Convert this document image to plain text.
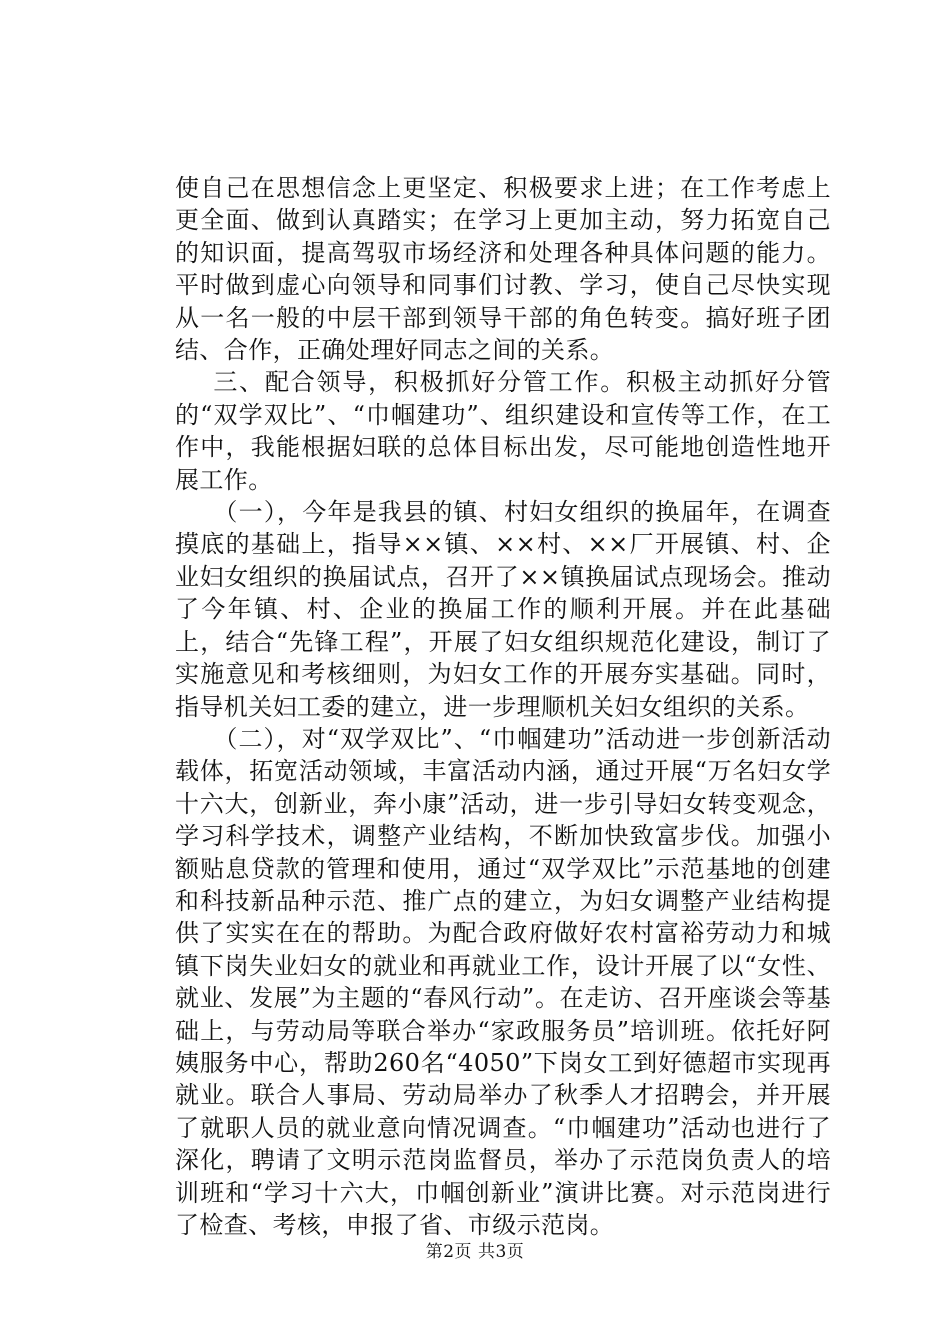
使自己在思想信念上更坚定、积极要求上进；在工作考虑上更全面、做到认真踏实；在学习上更加主动，努力拓宽自己的知识面，提高驾驭市场经济和处理各种具体问题的能力。平时做到虚心向领导和同事们讨教、学习，使自己尽快实现从一名一般的中层干部到领导干部的角色转变。搞好班子团结、合作，正确处理好同志之间的关系。

三、配合领导，积极抓好分管工作。积极主动抓好分管的“双学双比”、“巾帼建功”、组织建设和宣传等工作，在工作中，我能根据妇联的总体目标出发，尽可能地创造性地开展工作。

（一），今年是我县的镇、村妇女组织的换届年，在调查摸底的基础上，指导××镇、××村、××厂开展镇、村、企业妇女组织的换届试点，召开了××镇换届试点现场会。推动了今年镇、村、企业的换届工作的顺利开展。并在此基础上，结合“先锋工程”，开展了妇女组织规范化建设，制订了实施意见和考核细则，为妇女工作的开展夯实基础。同时，指导机关妇工委的建立，进一步理顺机关妇女组织的关系。

（二），对“双学双比”、“巾帼建功”活动进一步创新活动载体，拓宽活动领域，丰富活动内涵，通过开展“万名妇女学十六大，创新业，奔小康”活动，进一步引导妇女转变观念，学习科学技术，调整产业结构，不断加快致富步伐。加强小额贴息贷款的管理和使用，通过“双学双比”示范基地的创建和科技新品种示范、推广点的建立，为妇女调整产业结构提供了实实在在的帮助。为配合政府做好农村富裕劳动力和城镇下岗失业妇女的就业和再就业工作，设计开展了以“女性、就业、发展”为主题的“春风行动”。在走访、召开座谈会等基础上，与劳动局等联合举办“家政服务员”培训班。依托好阿姨服务中心，帮助260名“4050”下岗女工到好德超市实现再就业。联合人事局、劳动局举办了秋季人才招聘会，并开展了就职人员的就业意向情况调查。“巾帼建功”活动也进行了深化，聘请了文明示范岗监督员，举办了示范岗负责人的培训班和“学习十六大，巾帼创新业”演讲比赛。对示范岗进行了检查、考核，申报了省、市级示范岗。

第2页 共3页
